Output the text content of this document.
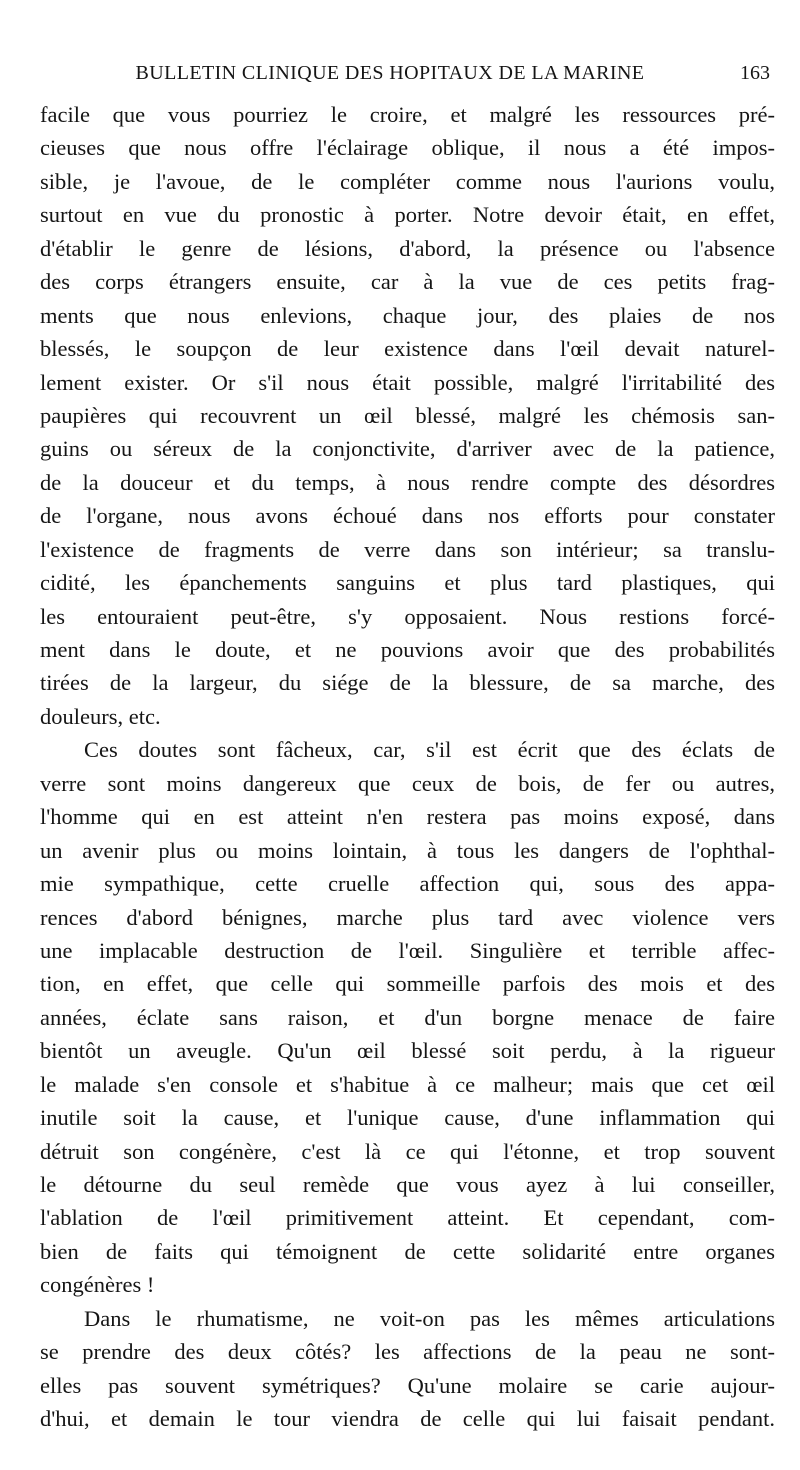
BULLETIN CLINIQUE DES HOPITAUX DE LA MARINE	163
facile que vous pourriez le croire, et malgré les ressources pré-
cieuses que nous offre l'éclairage oblique, il nous a été impos-
sible, je l'avoue, de le compléter comme nous l'aurions voulu,
surtout en vue du pronostic à porter. Notre devoir était, en effet,
d'établir le genre de lésions, d'abord, la présence ou l'absence
des corps étrangers ensuite, car à la vue de ces petits frag-
ments que nous enlevions, chaque jour, des plaies de nos
blessés, le soupçon de leur existence dans l'œil devait naturel-
lement exister. Or s'il nous était possible, malgré l'irritabilité des
paupières qui recouvrent un œil blessé, malgré les chémosis san-
guins ou séreux de la conjonctivite, d'arriver avec de la patience,
de la douceur et du temps, à nous rendre compte des désordres
de l'organe, nous avons échoué dans nos efforts pour constater
l'existence de fragments de verre dans son intérieur; sa translu-
cidité, les épanchements sanguins et plus tard plastiques, qui
les entouraient peut-être, s'y opposaient. Nous restions forcé-
ment dans le doute, et ne pouvions avoir que des probabilités
tirées de la largeur, du siége de la blessure, de sa marche, des
douleurs, etc.
Ces doutes sont fâcheux, car, s'il est écrit que des éclats de
verre sont moins dangereux que ceux de bois, de fer ou autres,
l'homme qui en est atteint n'en restera pas moins exposé, dans
un avenir plus ou moins lointain, à tous les dangers de l'ophthal-
mie sympathique, cette cruelle affection qui, sous des appa-
rences d'abord bénignes, marche plus tard avec violence vers
une implacable destruction de l'œil. Singulière et terrible affec-
tion, en effet, que celle qui sommeille parfois des mois et des
années, éclate sans raison, et d'un borgne menace de faire
bientôt un aveugle. Qu'un œil blessé soit perdu, à la rigueur
le malade s'en console et s'habitue à ce malheur; mais que cet œil
inutile soit la cause, et l'unique cause, d'une inflammation qui
détruit son congénère, c'est là ce qui l'étonne, et trop souvent
le détourne du seul remède que vous ayez à lui conseiller,
l'ablation de l'œil primitivement atteint. Et cependant, com-
bien de faits qui témoignent de cette solidarité entre organes
congénères !
Dans le rhumatisme, ne voit-on pas les mêmes articulations
se prendre des deux côtés? les affections de la peau ne sont-
elles pas souvent symétriques? Qu'une molaire se carie aujour-
d'hui, et demain le tour viendra de celle qui lui faisait pendant.
